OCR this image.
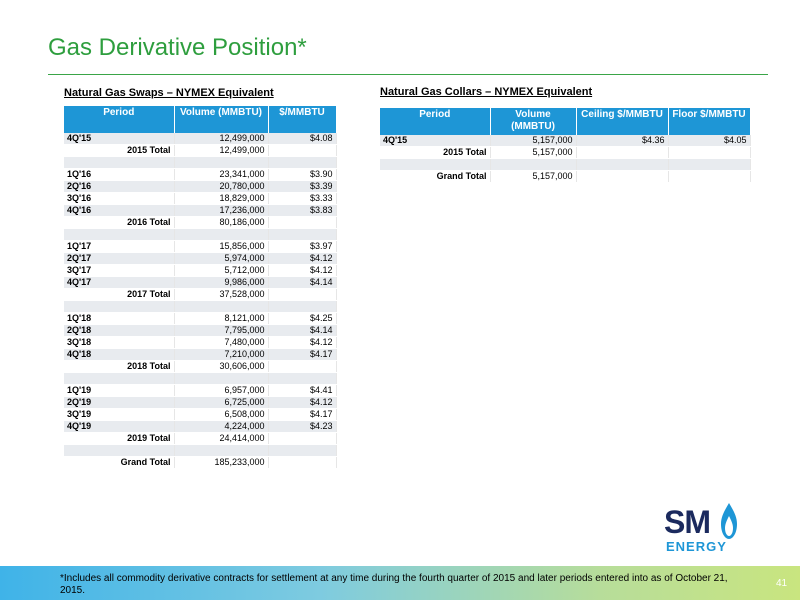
Gas Derivative Position*
Natural Gas Swaps – NYMEX Equivalent
Period	Volume (MMBTU)	$/MMBTU
4Q'15	12,499,000	$4.08
2015 Total	12,499,000	

1Q'16	23,341,000	$3.90
2Q'16	20,780,000	$3.39
3Q'16	18,829,000	$3.33
4Q'16	17,236,000	$3.83
2016 Total	80,186,000	

1Q'17	15,856,000	$3.97
2Q'17	5,974,000	$4.12
3Q'17	5,712,000	$4.12
4Q'17	9,986,000	$4.14
2017 Total	37,528,000	

1Q'18	8,121,000	$4.25
2Q'18	7,795,000	$4.14
3Q'18	7,480,000	$4.12
4Q'18	7,210,000	$4.17
2018 Total	30,606,000	

1Q'19	6,957,000	$4.41
2Q'19	6,725,000	$4.12
3Q'19	6,508,000	$4.17
4Q'19	4,224,000	$4.23
2019 Total	24,414,000	

Grand Total	185,233,000	
Natural Gas Collars – NYMEX Equivalent
Period	Volume (MMBTU)	Ceiling $/MMBTU	Floor $/MMBTU
4Q'15	5,157,000	$4.36	$4.05
2015 Total	5,157,000		

Grand Total	5,157,000		
SM
ENERGY
*Includes all commodity derivative contracts for settlement at any time during the fourth quarter of 2015 and later periods entered into as of October 21, 2015.
41
